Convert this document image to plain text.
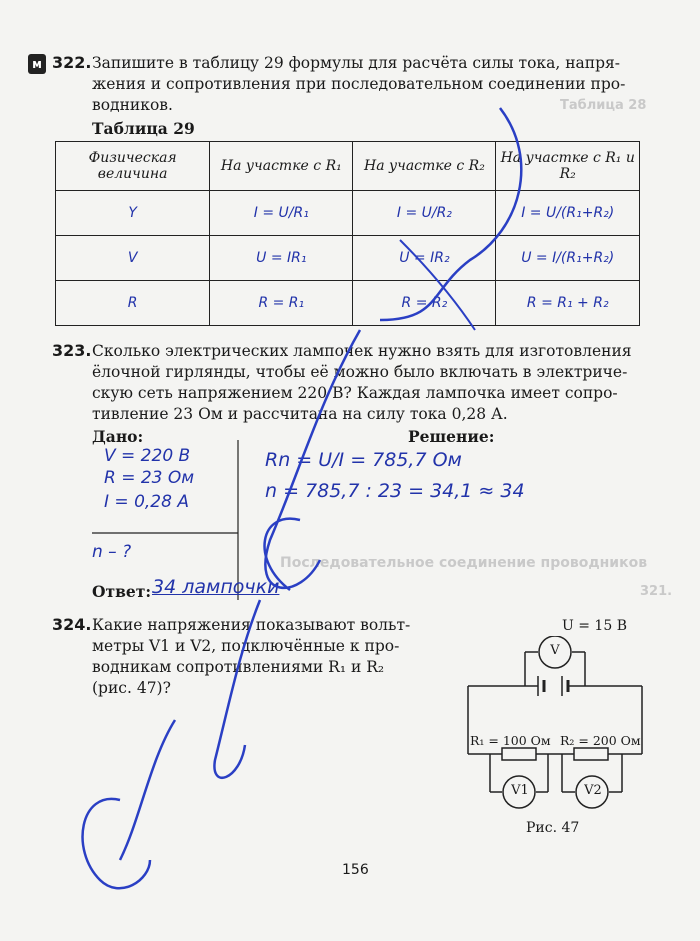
Таблица 28
Последовательное соединение проводников
321.
м 322. Запишите в таблицу 29 формулы для расчёта силы тока, напря-
жения и сопротивления при последовательном соединении про-
водников.
Таблица 29
Физическая величина	На участке с R₁	На участке с R₂	На участке с R₁ и R₂
Y	I = U/R₁	I = U/R₂	I = U/(R₁+R₂)
V	U = IR₁	U = IR₂	U = I/(R₁+R₂)
R	R = R₁	R = R₂	R = R₁ + R₂
323. Сколько электрических лампочек нужно взять для изготовления
ёлочной гирлянды, чтобы её можно было включать в электриче-
скую сеть напряжением 220 В? Каждая лампочка имеет сопро-
тивление 23 Ом и рассчитана на силу тока 0,28 А.
Дано:	Решение:
V = 220 В
R = 23 Ом
I = 0,28 A
n – ?
Rn = U/I = 785,7 Ом
n = 785,7 : 23 = 34,1 ≈ 34
Ответ: 34 лампочки
324. Какие напряжения показывают вольт-
метры V1 и V2, подключённые к про-
водникам сопротивлениями R₁ и R₂
(рис. 47)?
U = 15 В
V
R₁ = 100 Ом R₂ = 200 Ом
V1	V2
Рис. 47
156
